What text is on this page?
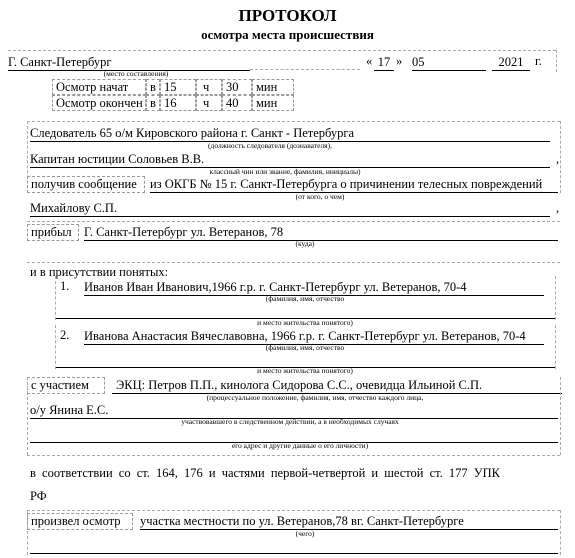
ПРОТОКОЛ
осмотра места происшествия
Г. Санкт-Петербург
(место составления)
« 17 » 05	2021 г.
Осмотр начат	в 15	ч	30	мин
Осмотр окончен в 16	ч	40	мин
Следователь 65 о/м Кировского района г. Санкт - Петербурга
(должность следователя (дознавателя),
Капитан юстиции Соловьев В.В.	,
классный чин или звание, фамилия, инициалы)
получив сообщение	из ОКГБ № 15 г. Санкт-Петербурга о причинении телесных повреждений
(от кого, о чем)
Михайлову С.П.	,
прибыл Г. Санкт-Петербург ул. Ветеранов, 78
(куда)
и в присутствии понятых:
1. Иванов Иван Иванович,1966 г.р. г. Санкт-Петербург ул. Ветеранов, 70-4
(фамилия, имя, отчество
и место жительства понятого)
2. Иванова Анастасия Вячеславовна, 1966 г.р. г. Санкт-Петербург ул. Ветеранов, 70-4
(фамилия, имя, отчество
и место жительства понятого)
с участием	ЭКЦ: Петров П.П., кинолога Сидорова С.С., очевидца Ильиной С.П.
(процессуальное положение, фамилия, имя, отчество каждого лица,
о/у Янина Е.С.
участвовавшего в следственном действии, а в необходимых случаях
его адрес и другие данные о его личности)
в соответствии со ст. 164, 176 и частями первой-четвертой и шестой ст. 177 УПК
РФ
произвел осмотр	участка местности по ул. Ветеранов,78 вг. Санкт-Петербурге
(чего)
